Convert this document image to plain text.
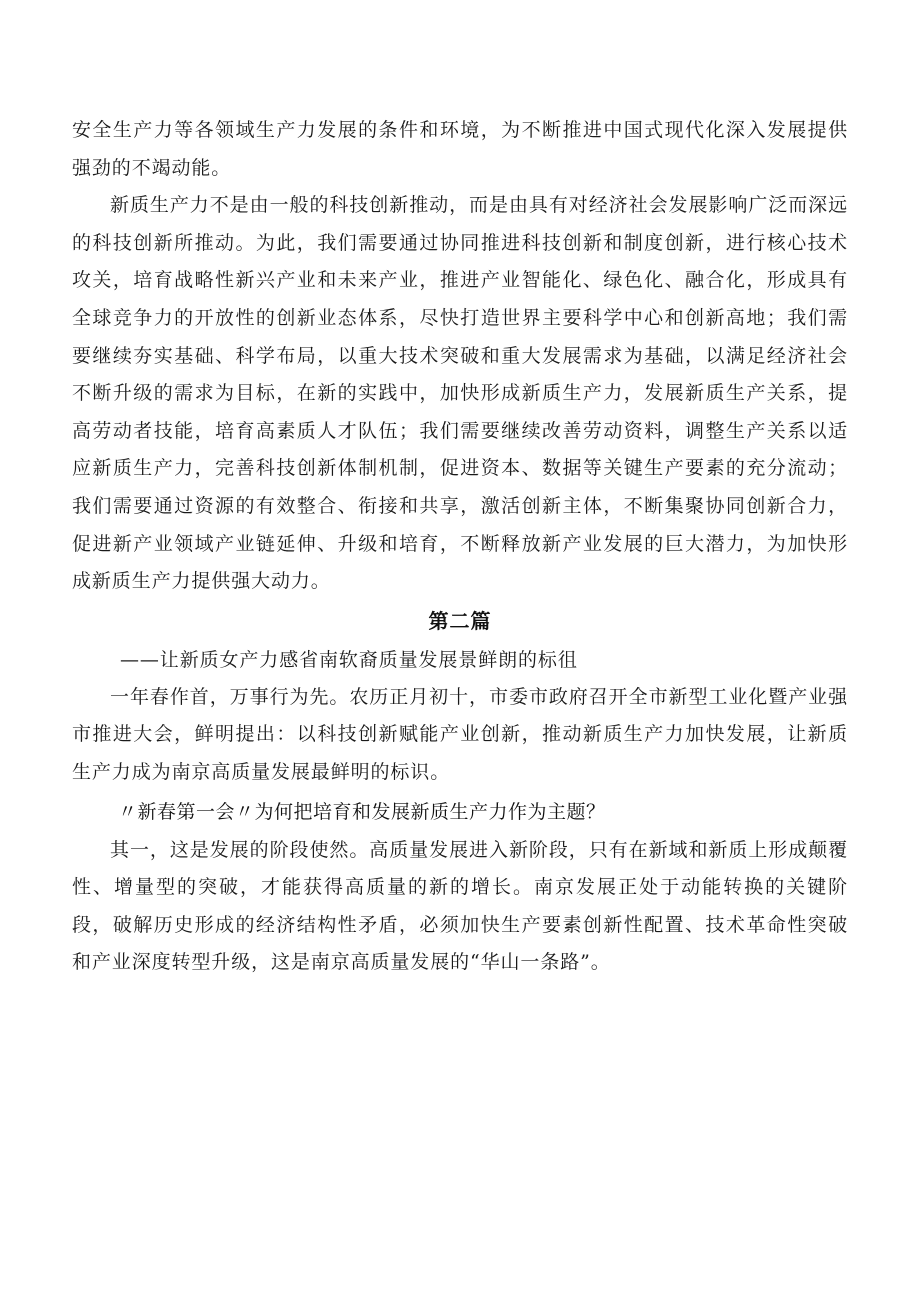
安全生产力等各领域生产力发展的条件和环境，为不断推进中国式现代化深入发展提供强劲的不竭动能。

新质生产力不是由一般的科技创新推动，而是由具有对经济社会发展影响广泛而深远的科技创新所推动。为此，我们需要通过协同推进科技创新和制度创新，进行核心技术攻关，培育战略性新兴产业和未来产业，推进产业智能化、绿色化、融合化，形成具有全球竞争力的开放性的创新业态体系，尽快打造世界主要科学中心和创新高地；我们需要继续夯实基础、科学布局，以重大技术突破和重大发展需求为基础，以满足经济社会不断升级的需求为目标，在新的实践中，加快形成新质生产力，发展新质生产关系，提高劳动者技能，培育高素质人才队伍；我们需要继续改善劳动资料，调整生产关系以适应新质生产力，完善科技创新体制机制，促进资本、数据等关键生产要素的充分流动；我们需要通过资源的有效整合、衔接和共享，激活创新主体，不断集聚协同创新合力，促进新产业领域产业链延伸、升级和培育，不断释放新产业发展的巨大潜力，为加快形成新质生产力提供强大动力。

第二篇

——让新质女产力感省南软裔质量发展景鲜朗的标徂

一年春作首，万事行为先。农历正月初十，市委市政府召开全市新型工业化暨产业强市推进大会，鲜明提出：以科技创新赋能产业创新，推动新质生产力加快发展，让新质生产力成为南京高质量发展最鲜明的标识。

〃新春第一会〃为何把培育和发展新质生产力作为主题？

其一，这是发展的阶段使然。高质量发展进入新阶段，只有在新域和新质上形成颠覆性、增量型的突破，才能获得高质量的新的增长。南京发展正处于动能转换的关键阶段，破解历史形成的经济结构性矛盾，必须加快生产要素创新性配置、技术革命性突破和产业深度转型升级，这是南京高质量发展的“华山一条路”。
